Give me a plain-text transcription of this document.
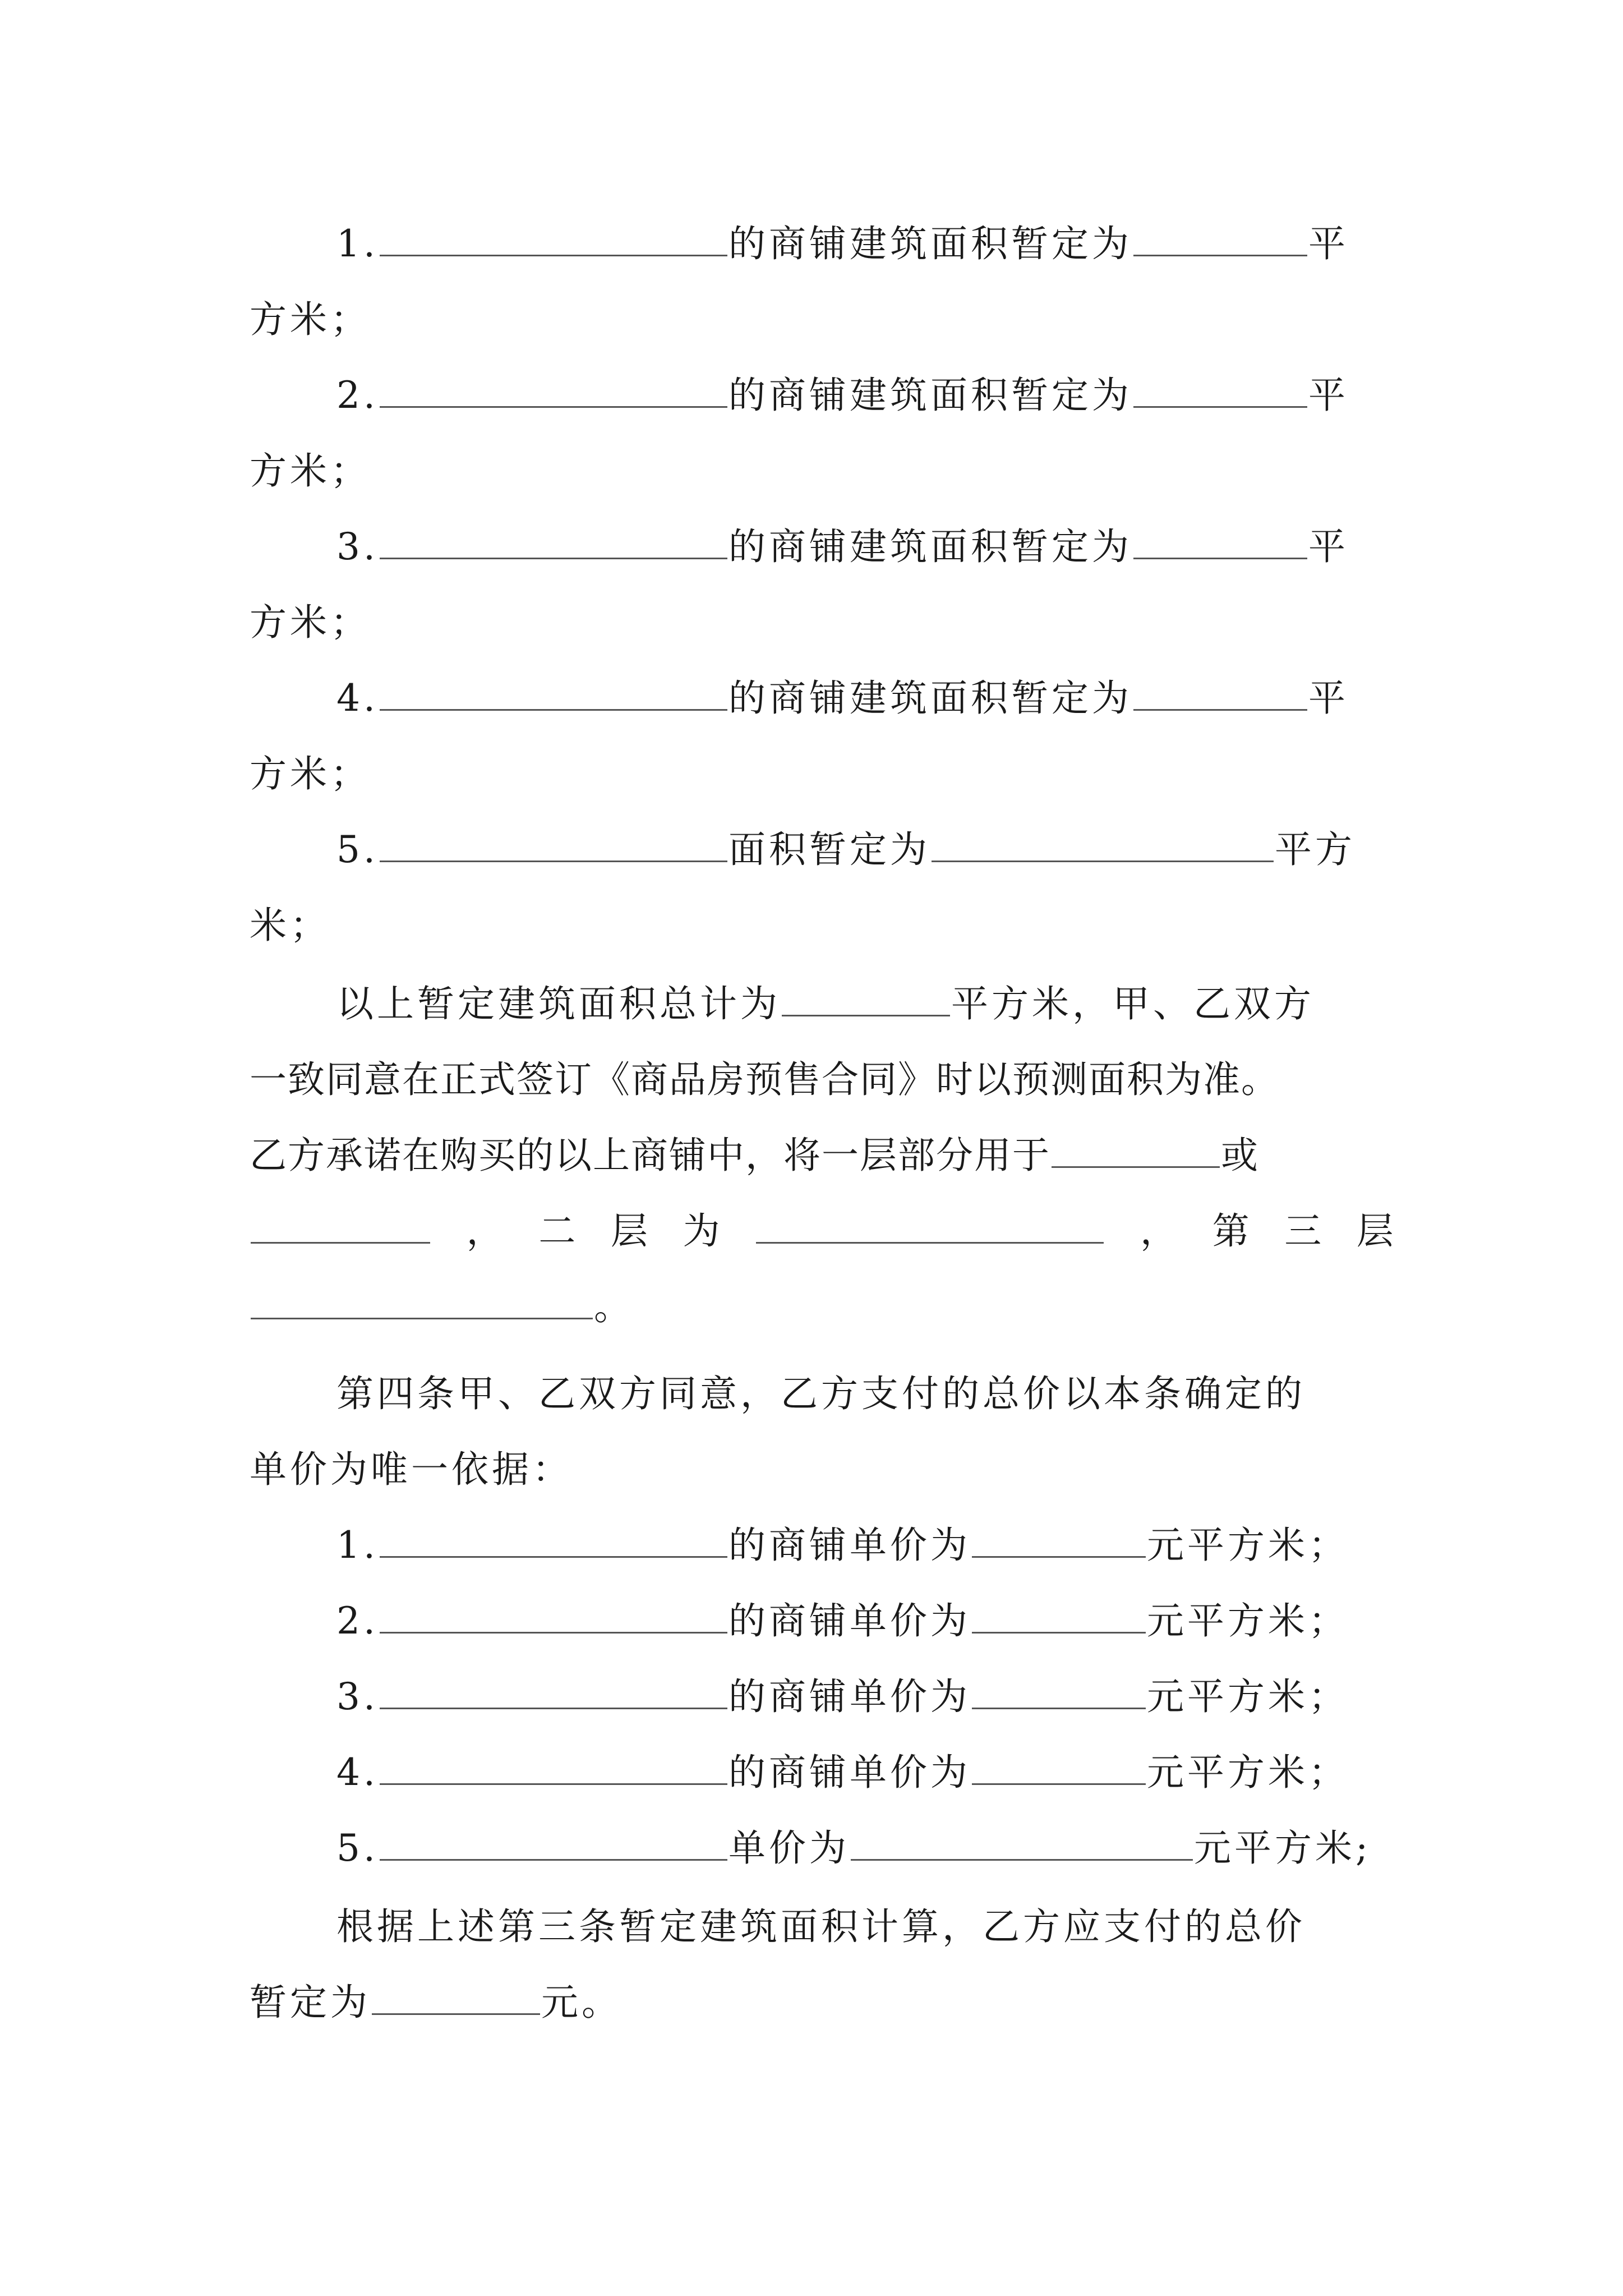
1.	的商铺建筑面积暂定为	平
方米；
2.	的商铺建筑面积暂定为	平
方米；
3.	的商铺建筑面积暂定为	平
方米；
4.	的商铺建筑面积暂定为	平
方米；
5.	面积暂定为	平方
米；
以上暂定建筑面积总计为	平方米，甲、乙双方
一致同意在正式签订《商品房预售合同》时以预测面积为准。
乙方承诺在购买的以上商铺中，将一层部分用于	或
， 二 层 为	， 第 三 层
。
第四条甲、乙双方同意，乙方支付的总价以本条确定的
单价为唯一依据：
1.	的商铺单价为	元平方米；
2.	的商铺单价为	元平方米；
3.	的商铺单价为	元平方米；
4.	的商铺单价为	元平方米；
5.	单价为	元平方米;
根据上述第三条暂定建筑面积计算，乙方应支付的总价
暂定为	元。
